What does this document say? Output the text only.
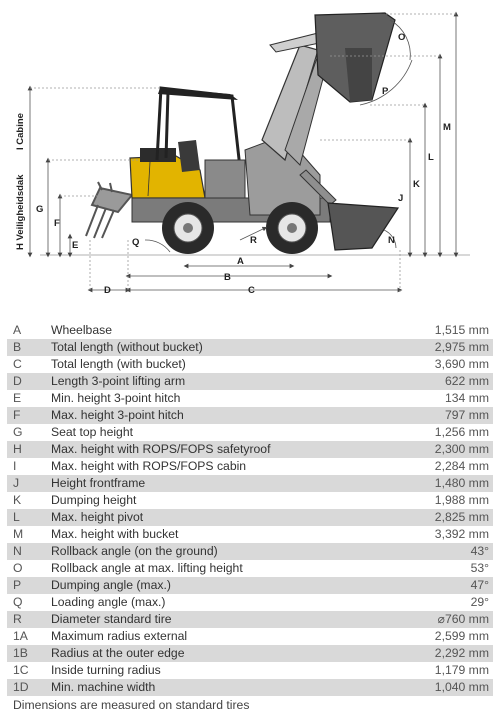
A
B
C
D
E
F
G
J
K
L
M
N
O
P
Q	R
H Veiligheidsdak
I Cabine
A	Wheelbase	1,515 mm
B	Total length (without bucket)	2,975 mm
C	Total length (with bucket)	3,690 mm
D	Length 3-point lifting arm	622 mm
E	Min. height 3-point hitch	134 mm
F	Max. height 3-point hitch	797 mm
G	Seat top height	1,256 mm
H	Max. height with ROPS/FOPS safetyroof	2,300 mm
I	Max. height with ROPS/FOPS cabin	2,284 mm
J	Height frontframe	1,480 mm
K	Dumping height	1,988 mm
L	Max. height pivot	2,825 mm
M	Max. height with bucket	3,392 mm
N	Rollback angle (on the ground)	43°
O	Rollback angle at max. lifting height	53°
P	Dumping angle (max.)	47°
Q	Loading angle (max.)	29°
R	Diameter standard tire	⌀760 mm
1A	Maximum radius external	2,599 mm
1B	Radius at the outer edge	2,292 mm
1C	Inside turning radius	1,179 mm
1D	Min. machine width	1,040 mm
Dimensions are measured on standard tires
